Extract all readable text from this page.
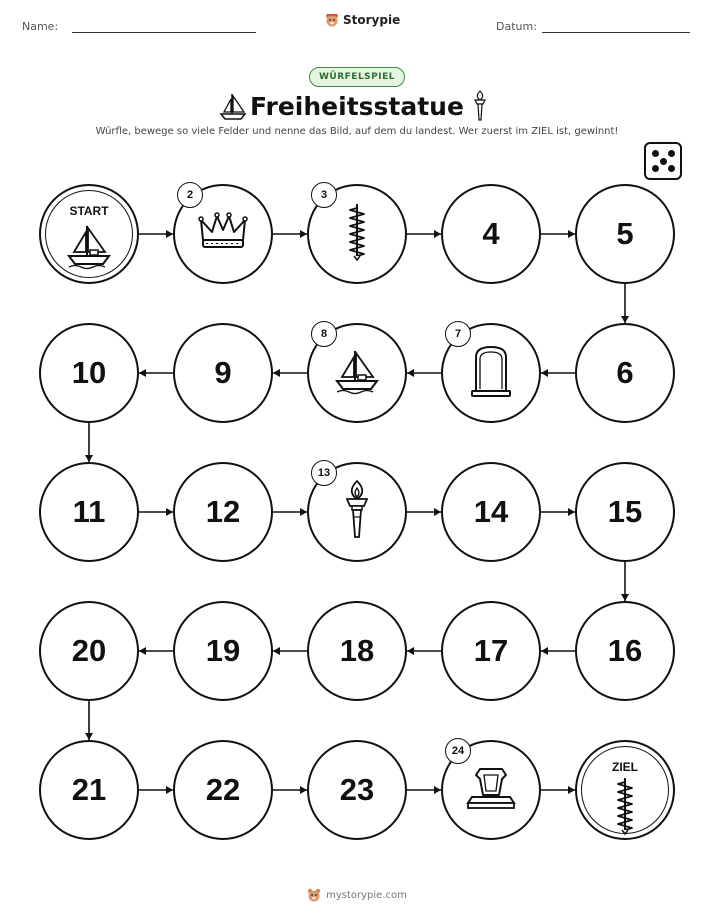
Name:	Storypie	Datum:
WÜRFELSPIEL
Freiheitsstatue
Würfle, bewege so viele Felder und nenne das Bild, auf dem du landest. Wer zuerst im ZIEL ist, gewinnt!
START
2	3
4	5
6
7
8
9
10
11	12
13
14	15
16
17
18
19
20
21	22	23
24
ZIEL
mystorypie.com
